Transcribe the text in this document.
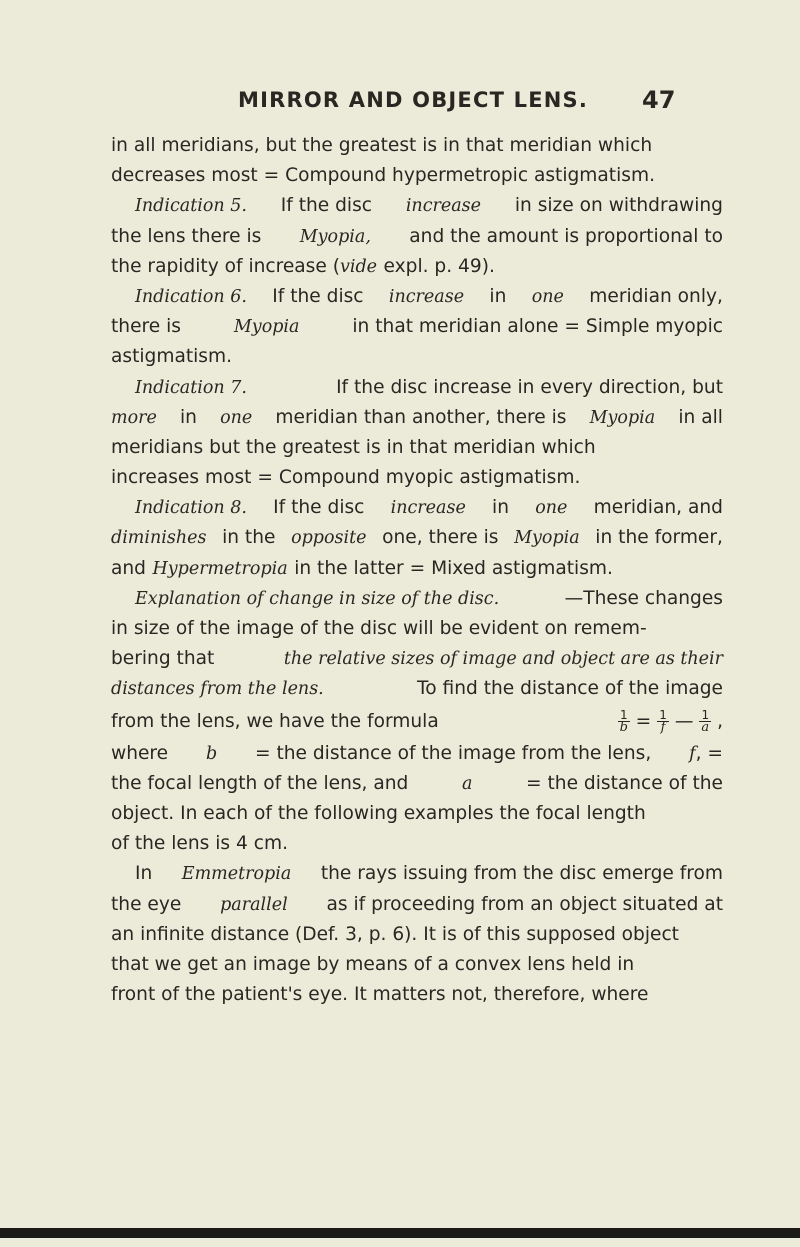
MIRROR AND OBJECT LENS. 47
in all meridians, but the greatest is in that meridian which
decreases most = Compound hypermetropic astigmatism.
Indication 5. If the disc increase in size on withdrawing
the lens there is Myopia, and the amount is proportional to
the rapidity of increase (vide expl. p. 49).
Indication 6. If the disc increase in one meridian only,
there is	Myopia	in that meridian alone = Simple myopic
astigmatism.
Indication 7.	If the disc increase in every direction, but
more in one meridian than another, there is Myopia in all
meridians but the greatest is in that meridian which
increases most = Compound myopic astigmatism.
Indication 8. If the disc increase in one meridian, and
diminishes in the opposite one, there is Myopia in the former,
and Hypermetropia in the latter = Mixed astigmatism.
Explanation of change in size of the disc.	—These changes
in size of the image of the disc will be evident on remem-
bering that	the relative sizes of image and object are as their
distances from the lens.	To find the distance of the image
from the lens, we have the formula	$\frac{1}{b} = \frac{1}{f}$ — $\frac{1}{a}$ ,
where b = the distance of the image from the lens, f, =
the focal length of the lens, and	a	= the distance of the
object. In each of the following examples the focal length
of the lens is 4 cm.
In Emmetropia the rays issuing from the disc emerge from
the eye parallel as if proceeding from an object situated at
an infinite distance (Def. 3, p. 6). It is of this supposed object
that we get an image by means of a convex lens held in
front of the patient's eye. It matters not, therefore, where
